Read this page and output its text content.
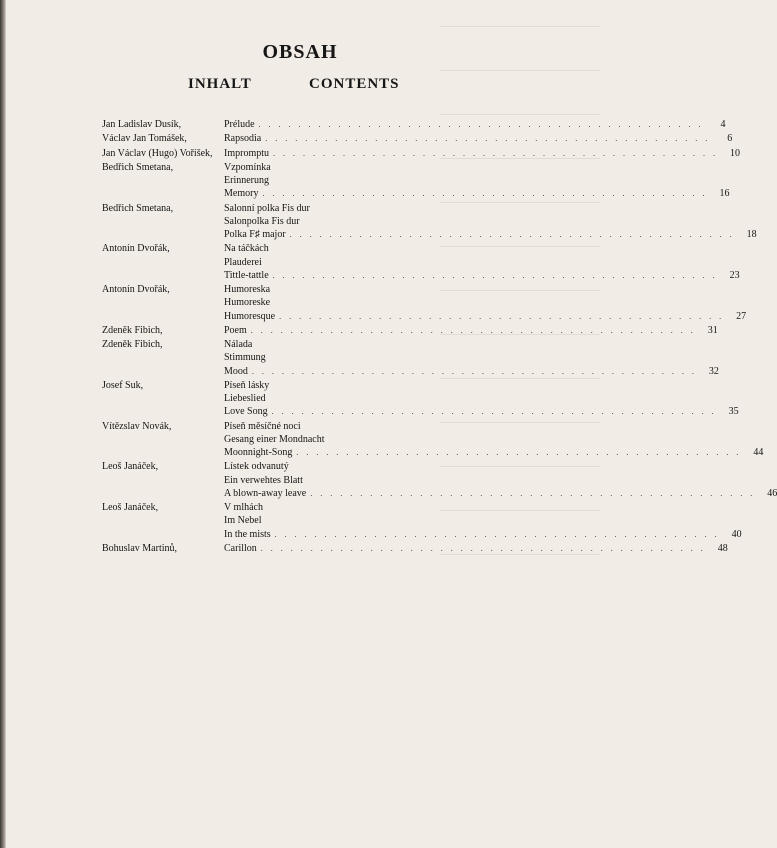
OBSAH
INHALT	CONTENTS
Jan Ladislav Dusík,	Prélude . . . . . . . . . . . . . . . . . . . . . . . . . . . . . . . . . . . . . . . . . . . . .	4
Václav Jan Tomášek,	Rapsodia . . . . . . . . . . . . . . . . . . . . . . . . . . . . . . . . . . . . . . . . . . . . .	6
Jan Václav (Hugo) Voříšek, Impromptu . . . . . . . . . . . . . . . . . . . . . . . . . . . . . . . . . . . . . . . . . . . . .	10
Bedřich Smetana,	Vzpomínka
Erinnerung
Memory . . . . . . . . . . . . . . . . . . . . . . . . . . . . . . . . . . . . . . . . . . . . .	16
Bedřich Smetana,	Salonní polka Fis dur
Salonpolka Fis dur
Polka F♯ major . . . . . . . . . . . . . . . . . . . . . . . . . . . . . . . . . . . . . . . . . . . . .	18
Antonín Dvořák,	Na táčkách
Plauderei
Tittle-tattle . . . . . . . . . . . . . . . . . . . . . . . . . . . . . . . . . . . . . . . . . . . . .	23
Antonín Dvořák,	Humoreska
Humoreske
Humoresque . . . . . . . . . . . . . . . . . . . . . . . . . . . . . . . . . . . . . . . . . . . . .	27
Zdeněk Fibich,	Poem . . . . . . . . . . . . . . . . . . . . . . . . . . . . . . . . . . . . . . . . . . . . .	31
Zdeněk Fibich,	Nálada
Stimmung
Mood . . . . . . . . . . . . . . . . . . . . . . . . . . . . . . . . . . . . . . . . . . . . .	32
Josef Suk,	Píseň lásky
Liebeslied
Love Song . . . . . . . . . . . . . . . . . . . . . . . . . . . . . . . . . . . . . . . . . . . . .	35
Vítězslav Novák,	Píseň měsíčné noci
Gesang einer Mondnacht
Moonnight-Song . . . . . . . . . . . . . . . . . . . . . . . . . . . . . . . . . . . . . . . . . . . . .	44
Leoš Janáček,	Lístek odvanutý
Ein verwehtes Blatt
A blown-away leave . . . . . . . . . . . . . . . . . . . . . . . . . . . . . . . . . . . . . . . . . . . . .	46
Leoš Janáček,	V mlhách
Im Nebel
In the mists . . . . . . . . . . . . . . . . . . . . . . . . . . . . . . . . . . . . . . . . . . . . .	40
Bohuslav Martinů,	Carillon . . . . . . . . . . . . . . . . . . . . . . . . . . . . . . . . . . . . . . . . . . . . .	48
